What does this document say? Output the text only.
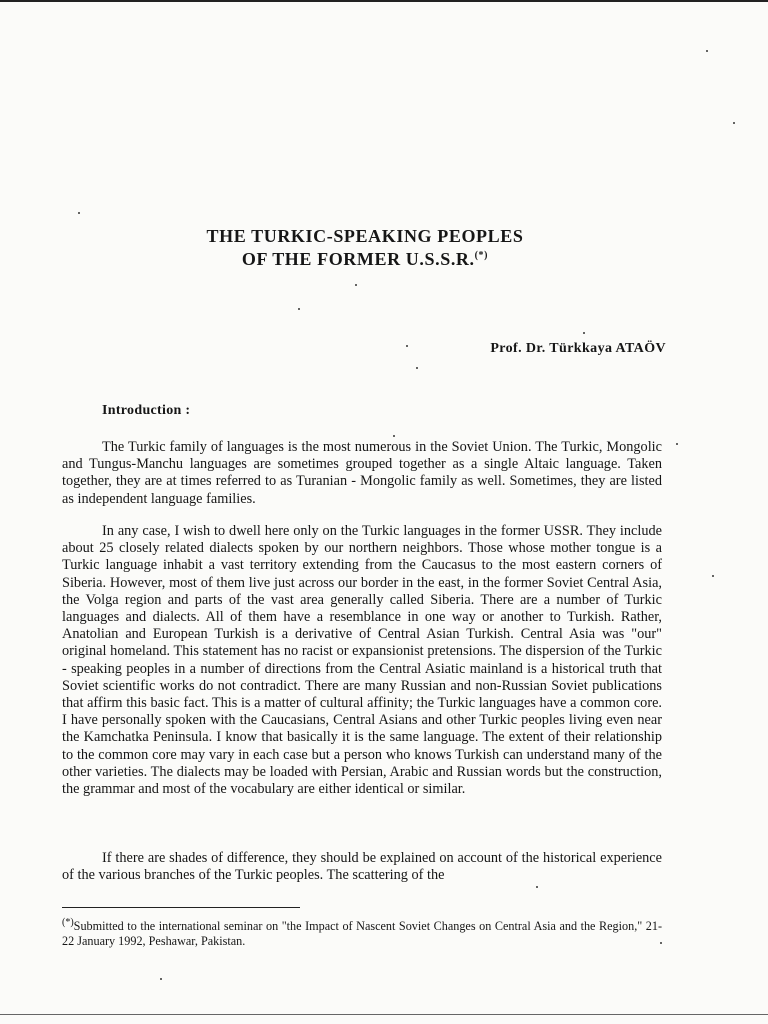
THE TURKIC-SPEAKING PEOPLES
OF THE FORMER U.S.S.R.(*)
Prof. Dr. Türkkaya ATAÖV
Introduction :

The Turkic family of languages is the most numerous in the Soviet Union. The Turkic, Mongolic and Tungus-Manchu languages are sometimes grouped together as a single Altaic language. Taken together, they are at times referred to as Turanian - Mongolic family as well. Sometimes, they are listed as independent language families.

In any case, I wish to dwell here only on the Turkic languages in the former USSR. They include about 25 closely related dialects spoken by our northern neighbors. Those whose mother tongue is a Turkic language inhabit a vast territory extending from the Caucasus to the most eastern corners of Siberia. However, most of them live just across our border in the east, in the former Soviet Central Asia, the Volga region and parts of the vast area generally called Siberia. There are a number of Turkic languages and dialects. All of them have a resemblance in one way or another to Turkish. Rather, Anatolian and European Turkish is a derivative of Central Asian Turkish. Central Asia was "our" original homeland. This statement has no racist or expansionist pretensions. The dispersion of the Turkic - speaking peoples in a number of directions from the Central Asiatic mainland is a historical truth that Soviet scientific works do not contradict. There are many Russian and non-Russian Soviet publications that affirm this basic fact. This is a matter of cultural affinity; the Turkic languages have a common core. I have personally spoken with the Caucasians, Central Asians and other Turkic peoples living even near the Kamchatka Peninsula. I know that basically it is the same language. The extent of their relationship to the common core may vary in each case but a person who knows Turkish can understand many of the other varieties. The dialects may be loaded with Persian, Arabic and Russian words but the construction, the grammar and most of the vocabulary are either identical or similar.

If there are shades of difference, they should be explained on account of the historical experience of the various branches of the Turkic peoples. The scattering of the

(*)Submitted to the international seminar on "the Impact of Nascent Soviet Changes on Central Asia and the Region," 21-22 January 1992, Peshawar, Pakistan.
